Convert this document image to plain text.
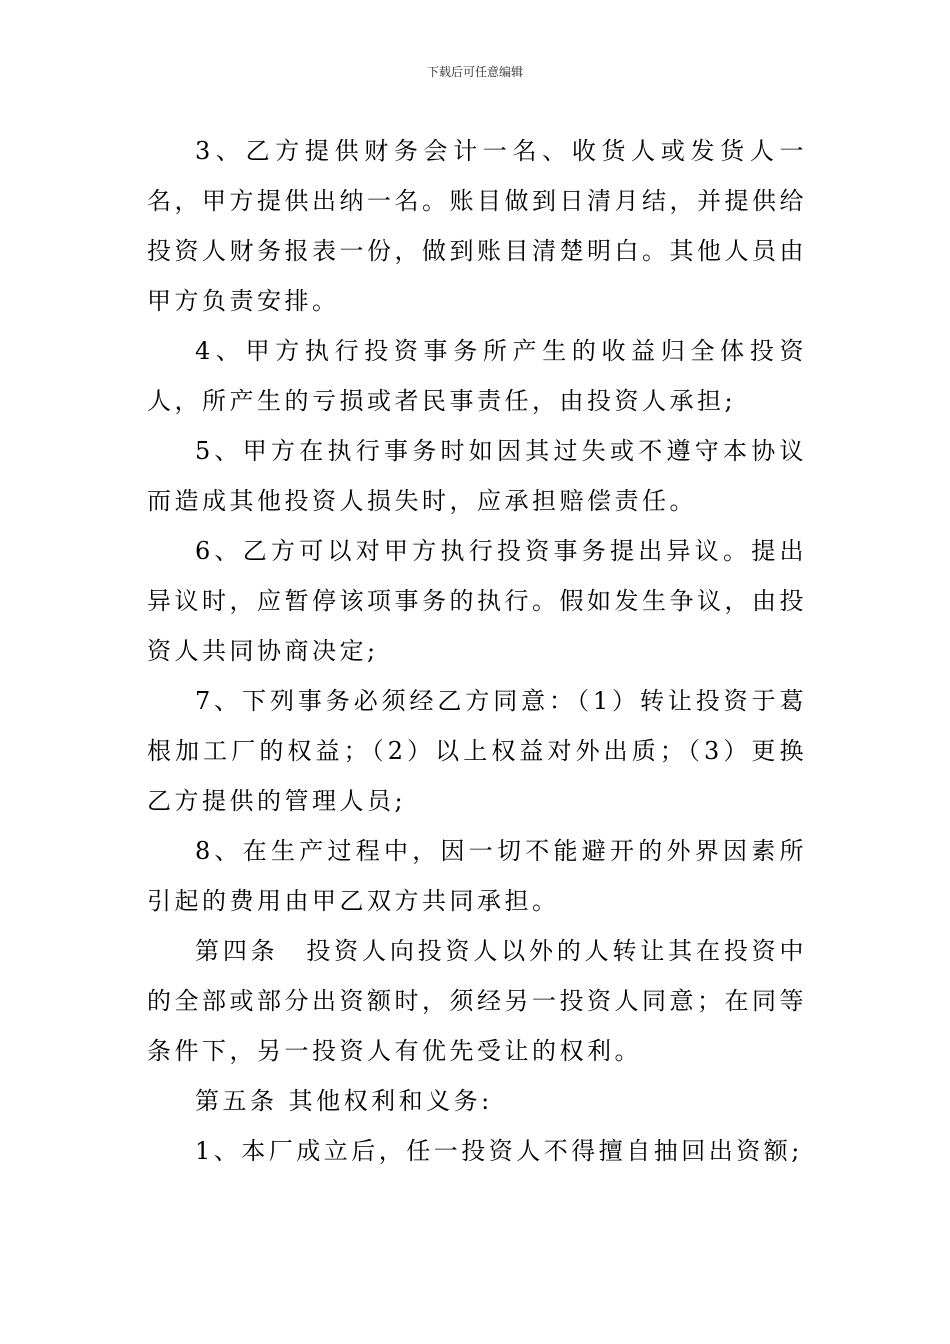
下载后可任意编辑

3、乙方提供财务会计一名、收货人或发货人一名，甲方提供出纳一名。账目做到日清月结，并提供给投资人财务报表一份，做到账目清楚明白。其他人员由甲方负责安排。

4、甲方执行投资事务所产生的收益归全体投资人，所产生的亏损或者民事责任，由投资人承担;

5、甲方在执行事务时如因其过失或不遵守本协议而造成其他投资人损失时，应承担赔偿责任。

6、乙方可以对甲方执行投资事务提出异议。提出异议时，应暂停该项事务的执行。假如发生争议，由投资人共同协商决定;

7、下列事务必须经乙方同意：（1）转让投资于葛根加工厂的权益；（2）以上权益对外出质；（3）更换乙方提供的管理人员;

8、在生产过程中，因一切不能避开的外界因素所引起的费用由甲乙双方共同承担。

第四条　投资人向投资人以外的人转让其在投资中的全部或部分出资额时，须经另一投资人同意；在同等条件下，另一投资人有优先受让的权利。

第五条 其他权利和义务:

1、本厂成立后，任一投资人不得擅自抽回出资额;
